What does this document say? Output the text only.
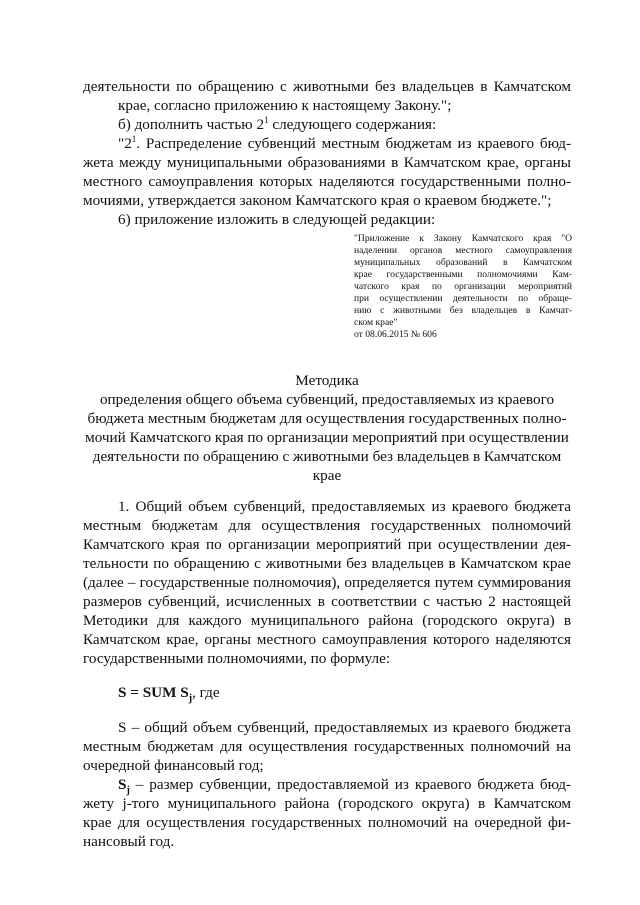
деятельности по обращению с животными без владельцев в Камчатском
крае, согласно приложению к настоящему Закону.";
б) дополнить частью $2^1$ следующего содержания:
"$2^1$. Распределение субвенций местным бюджетам из краевого бюд-
жета между муниципальными образованиями в Камчатском крае, органы
местного самоуправления которых наделяются государственными полно-
мочиями, утверждается законом Камчатского края о краевом бюджете.";
6) приложение изложить в следующей редакции:
"Приложение к Закону Камчатского края "О
наделении органов местного самоуправления
муниципальных образований в Камчатском
крае государственными полномочиями Кам-
чатского края по организации мероприятий
при осуществлении деятельности по обраще-
нию с животными без владельцев в Камчат-
ском крае"
от 08.06.2015 № 606
Методика
определения общего объема субвенций, предоставляемых из краевого
бюджета местным бюджетам для осуществления государственных полно-
мочий Камчатского края по организации мероприятий при осуществлении
деятельности по обращению с животными без владельцев в Камчатском
крае
1. Общий объем субвенций, предоставляемых из краевого бюджета
местным бюджетам для осуществления государственных полномочий
Камчатского края по организации мероприятий при осуществлении дея-
тельности по обращению с животными без владельцев в Камчатском крае
(далее – государственные полномочия), определяется путем суммирования
размеров субвенций, исчисленных в соответствии с частью 2 настоящей
Методики для каждого муниципального района (городского округа) в
Камчатском крае, органы местного самоуправления которого наделяются
государственными полномочиями, по формуле:
S = SUM $S_j$, где
S – общий объем субвенций, предоставляемых из краевого бюджета
местным бюджетам для осуществления государственных полномочий на
очередной финансовый год;
$S_j$ – размер субвенции, предоставляемой из краевого бюджета бюд-
жету j-того муниципального района (городского округа) в Камчатском
крае для осуществления государственных полномочий на очередной фи-
нансовый год.
